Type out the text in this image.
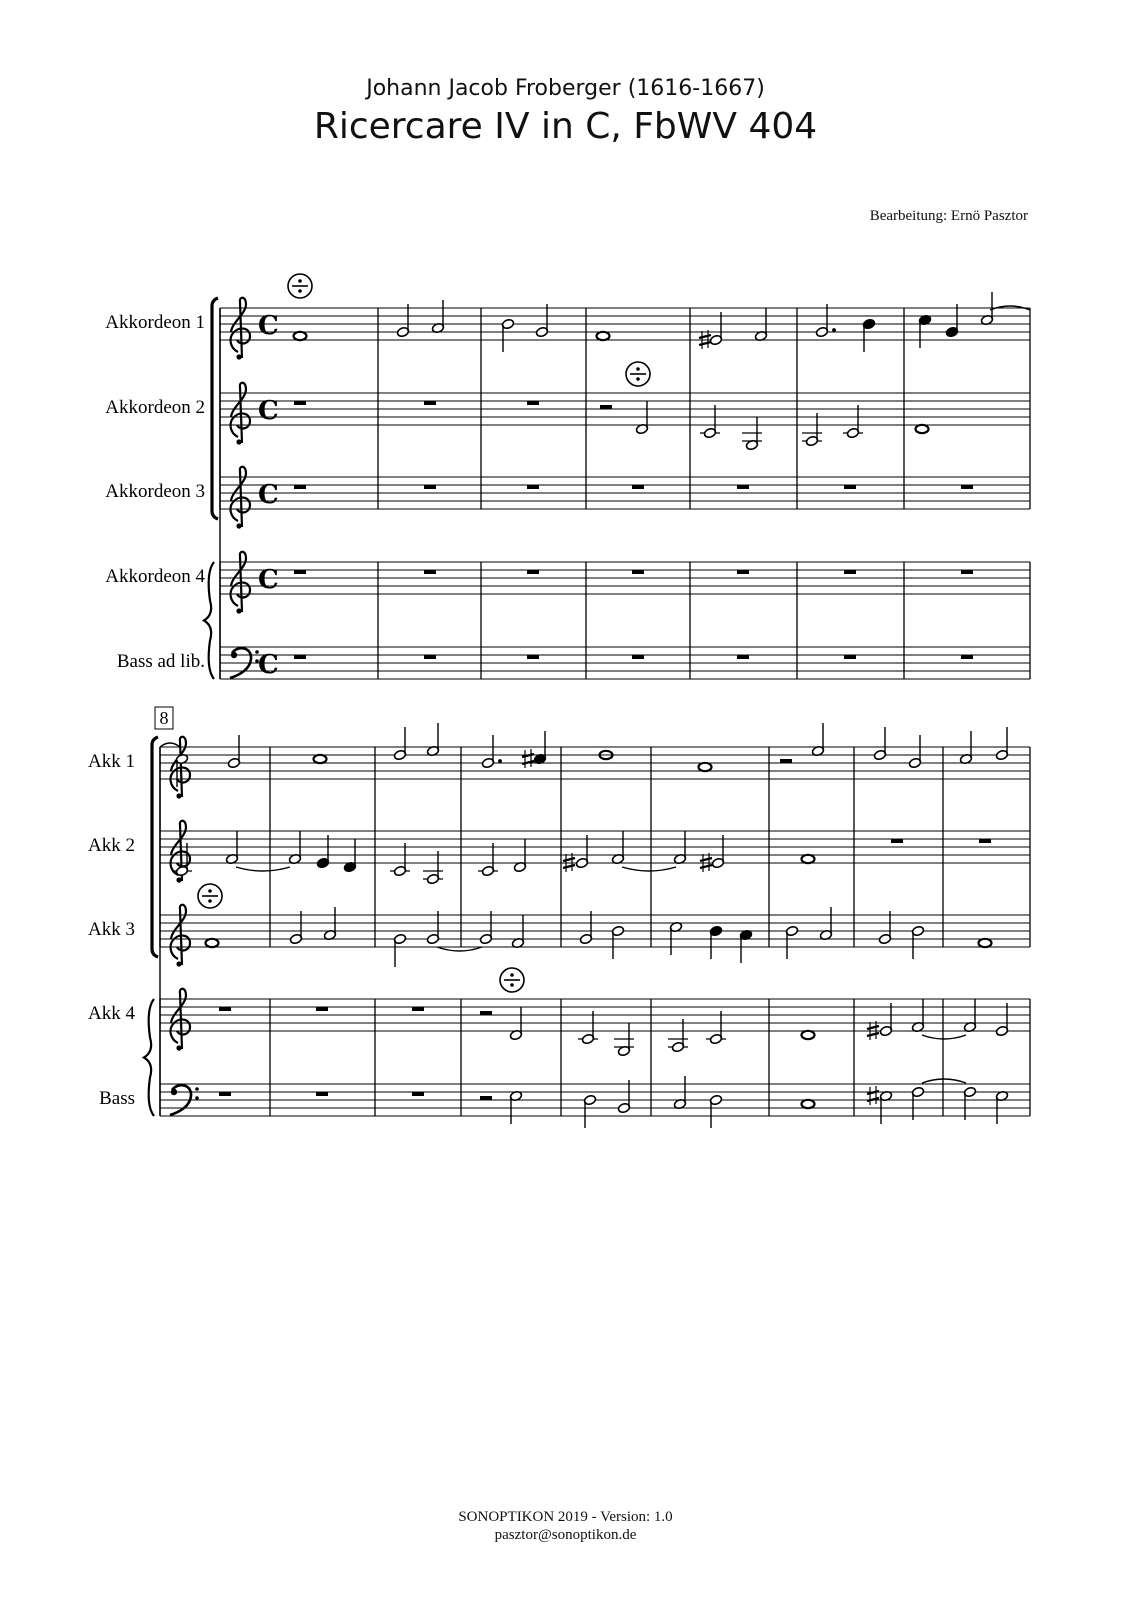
Johann Jacob Froberger (1616-1667)
Ricercare IV in C, FbWV 404
Bearbeitung: Ernö Pasztor
C
Akkordeon 1
C
Akkordeon 2
C
Akkordeon 3
C
Akkordeon 4
C
Bass ad lib.
Akk 1
Akk 2
Akk 3
Akk 4
Bass
8
SONOPTIKON 2019 - Version: 1.0
pasztor@sonoptikon.de
